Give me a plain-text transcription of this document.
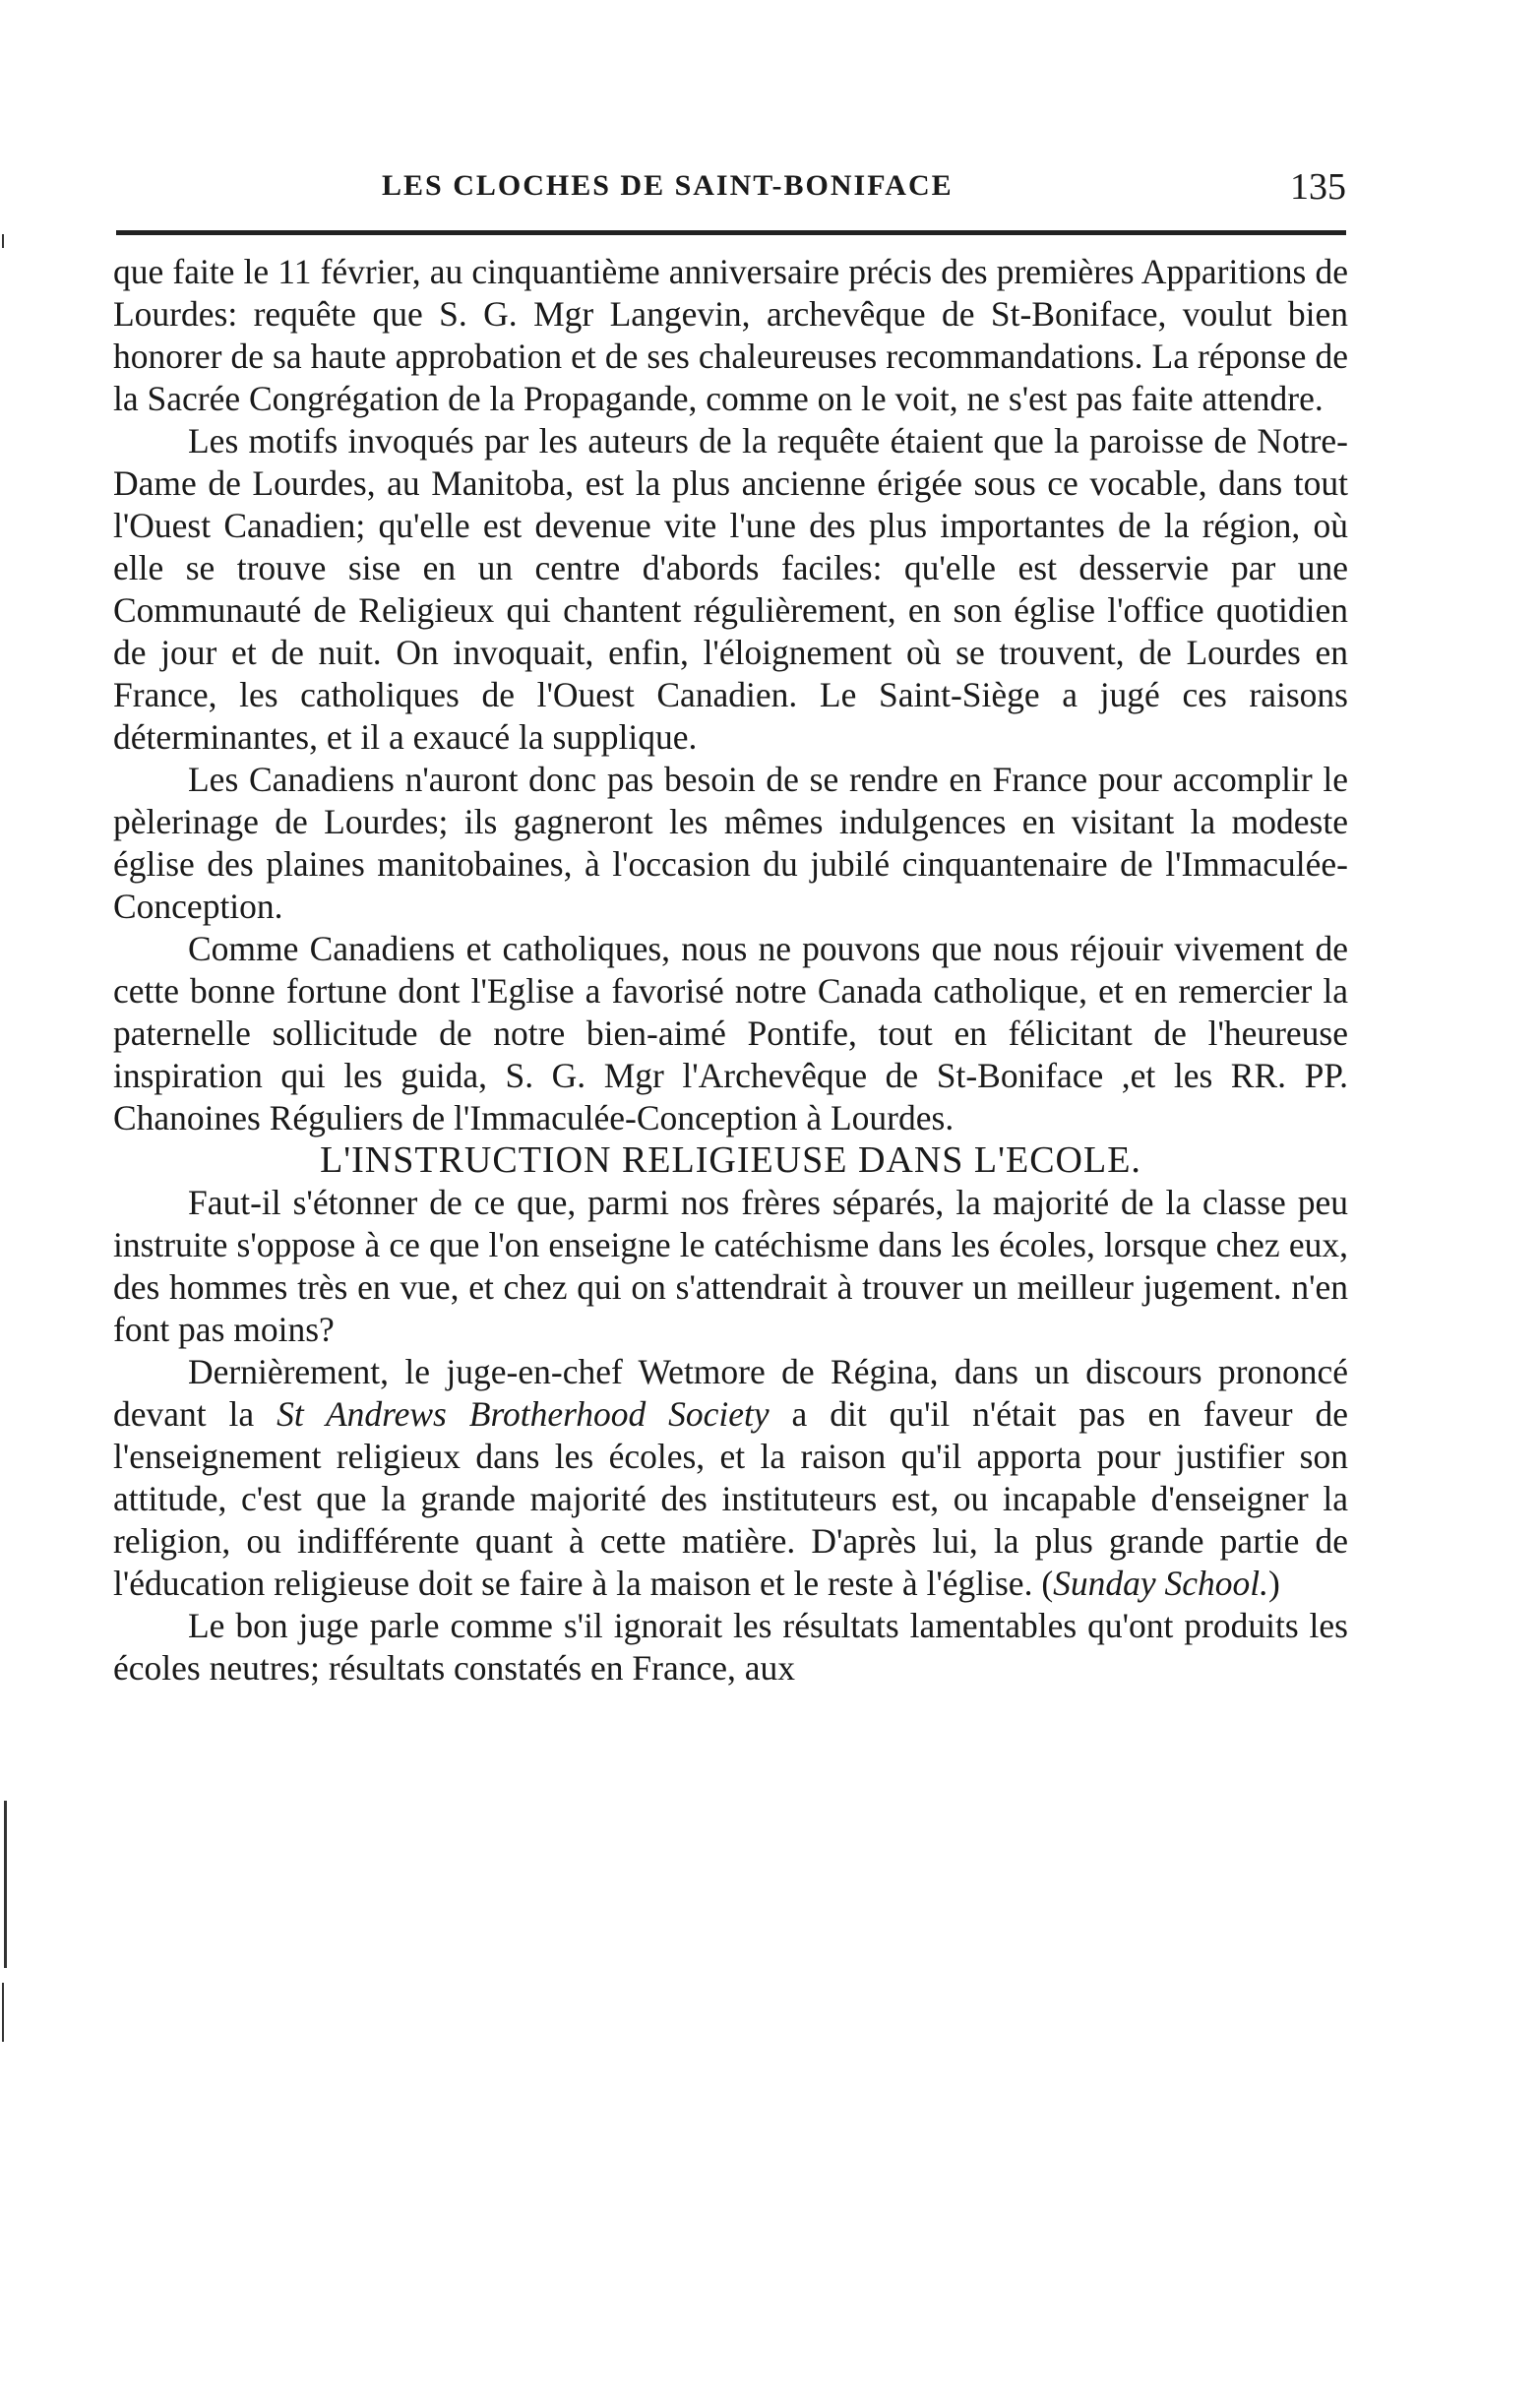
LES CLOCHES DE SAINT-BONIFACE	135

que faite le 11 février, au cinquantième anniversaire précis des premières Apparitions de Lourdes: requête que S. G. Mgr Langevin, archevêque de St-Boniface, voulut bien honorer de sa haute approbation et de ses chaleureuses recommandations. La réponse de la Sacrée Congrégation de la Propagande, comme on le voit, ne s'est pas faite attendre.

Les motifs invoqués par les auteurs de la requête étaient que la paroisse de Notre-Dame de Lourdes, au Manitoba, est la plus ancienne érigée sous ce vocable, dans tout l'Ouest Canadien; qu'elle est devenue vite l'une des plus importantes de la région, où elle se trouve sise en un centre d'abords faciles: qu'elle est desservie par une Communauté de Religieux qui chantent régulièrement, en son église l'office quotidien de jour et de nuit. On invoquait, enfin, l'éloignement où se trouvent, de Lourdes en France, les catholiques de l'Ouest Canadien. Le Saint-Siège a jugé ces raisons déterminantes, et il a exaucé la supplique.

Les Canadiens n'auront donc pas besoin de se rendre en France pour accomplir le pèlerinage de Lourdes; ils gagneront les mêmes indulgences en visitant la modeste église des plaines manitobaines, à l'occasion du jubilé cinquantenaire de l'Immaculée-Conception.

Comme Canadiens et catholiques, nous ne pouvons que nous réjouir vivement de cette bonne fortune dont l'Eglise a favorisé notre Canada catholique, et en remercier la paternelle sollicitude de notre bien-aimé Pontife, tout en félicitant de l'heureuse inspiration qui les guida, S. G. Mgr l'Archevêque de St-Boniface ,et les RR. PP. Chanoines Réguliers de l'Immaculée-Conception à Lourdes.

L'INSTRUCTION RELIGIEUSE DANS L'ECOLE.

Faut-il s'étonner de ce que, parmi nos frères séparés, la majorité de la classe peu instruite s'oppose à ce que l'on enseigne le catéchisme dans les écoles, lorsque chez eux, des hommes très en vue, et chez qui on s'attendrait à trouver un meilleur jugement. n'en font pas moins?

Dernièrement, le juge-en-chef Wetmore de Régina, dans un discours prononcé devant la St Andrews Brotherhood Society a dit qu'il n'était pas en faveur de l'enseignement religieux dans les écoles, et la raison qu'il apporta pour justifier son attitude, c'est que la grande majorité des instituteurs est, ou incapable d'enseigner la religion, ou indifférente quant à cette matière. D'après lui, la plus grande partie de l'éducation religieuse doit se faire à la maison et le reste à l'église. (Sunday School.)

Le bon juge parle comme s'il ignorait les résultats lamentables qu'ont produits les écoles neutres; résultats constatés en France, aux
